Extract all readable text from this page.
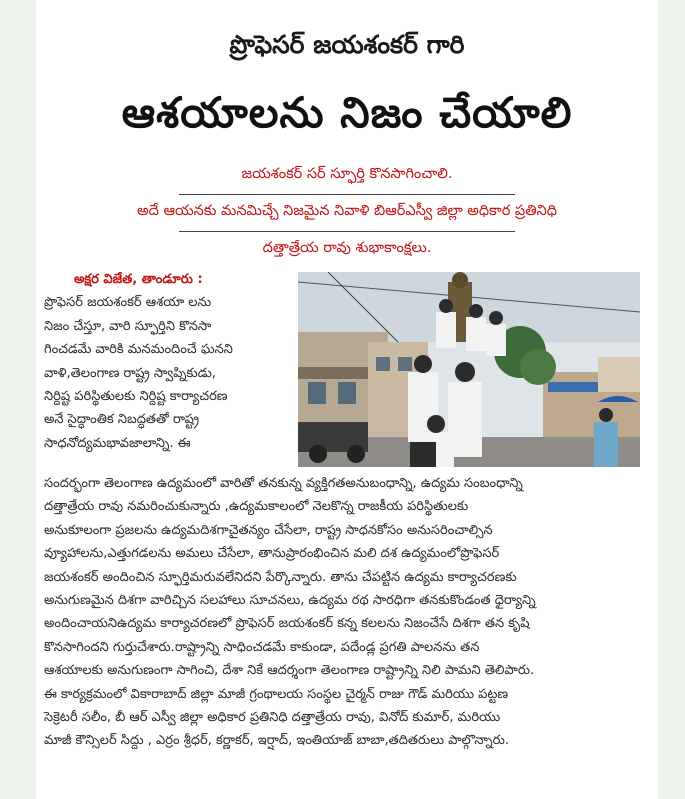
ప్రొఫెసర్ జయశంకర్ గారి
ఆశయాలను నిజం చేయాలి
జయశంకర్ సర్ స్ఫూర్తి కొనసాగించాలి.
అదే ఆయనకు మనమిచ్చే నిజమైన నివాళి బిఆర్ఎస్వీ జిల్లా అధికార ప్రతినిధి
దత్తాత్రేయ రావు శుభాకాంక్షలు.
అక్షర విజేత, తాండూరు :
ప్రొఫెసర్ జయశంకర్ ఆశయా లను
నిజం చేస్తూ, వారి స్ఫూర్తిని కొనసా
గించడమే వారికి మనమందించే ఘనని
వాళి,తెలంగాణ రాష్ట్ర స్వాప్నికుడు,
నిర్దిష్ట పరిస్థితులకు నిర్దిష్ట కార్యాచరణ
అనే సైద్ధాంతిక నిబద్ధతతో రాష్ట్ర
సాధనోద్యమభావజాలాన్ని. ఈ
సందర్భంగా తెలంగాణ ఉద్యమంలో వారితో తనకున్న వ్యక్తిగతఅనుబంధాన్ని, ఉద్యమ సంబంధాన్ని
దత్తాత్రేయ రావు నమరించుకున్నారు ,ఉద్యమకాలంలో నెలకొన్న రాజకీయ పరిస్థితులకు
అనుకూలంగా ప్రజలను ఉద్యమదిశగాచైతన్యం చేసేలా, రాష్ట్ర సాధనకోసం అనుసరించాల్సిన
వ్యూహాలను,ఎత్తుగడలను అమలు చేసేలా, తానుప్రారంభించిన మలి దశ ఉద్యమంలోప్రొఫెసర్
జయశంకర్ అందించిన స్ఫూర్తిమరువలేనిదని పేర్కొన్నారు. తాను చేపట్టిన ఉద్యమ కార్యాచరణకు
అనుగుణమైన దిశగా వారిచ్చిన సలహాలు సూచనలు, ఉద్యమ రథ సారధిగా తనకుకొండంత ధైర్యాన్ని
అందించాయనిఉద్యమ కార్యాచరణలో ప్రొఫెసర్ జయశంకర్ కన్న కలలను నిజంచేసే దిశగా తన కృషి
కొనసాగిందని గుర్తుచేశారు.రాష్ట్రాన్ని సాధించడమే కాకుండా, పదేండ్ల ప్రగతి పాలనను తన
ఆశయాలకు అనుగుణంగా సాగించి, దేశా నికే ఆదర్శంగా తెలంగాణ రాష్ట్రాన్ని నిలి పామని తెలిపారు.
ఈ కార్యక్రమంలో వికారాబాద్ జిల్లా మాజీ గ్రంథాలయ సంస్థల చైర్మన్ రాజు గౌడ్ మరియు పట్టణ
సెక్రెటరీ సలీం, బీ ఆర్ ఎస్వీ జిల్లా అధికార ప్రతినిధి దత్తాత్రేయ రావు, వినోద్ కుమార్, మరియు
మాజీ కౌన్సిలర్ సిద్దు , ఎర్రం శ్రీధర్, కర్ణాకర్, ఇర్షాద్, ఇంతియాజ్ బాబా,తదితరులు పాల్గొన్నారు.
